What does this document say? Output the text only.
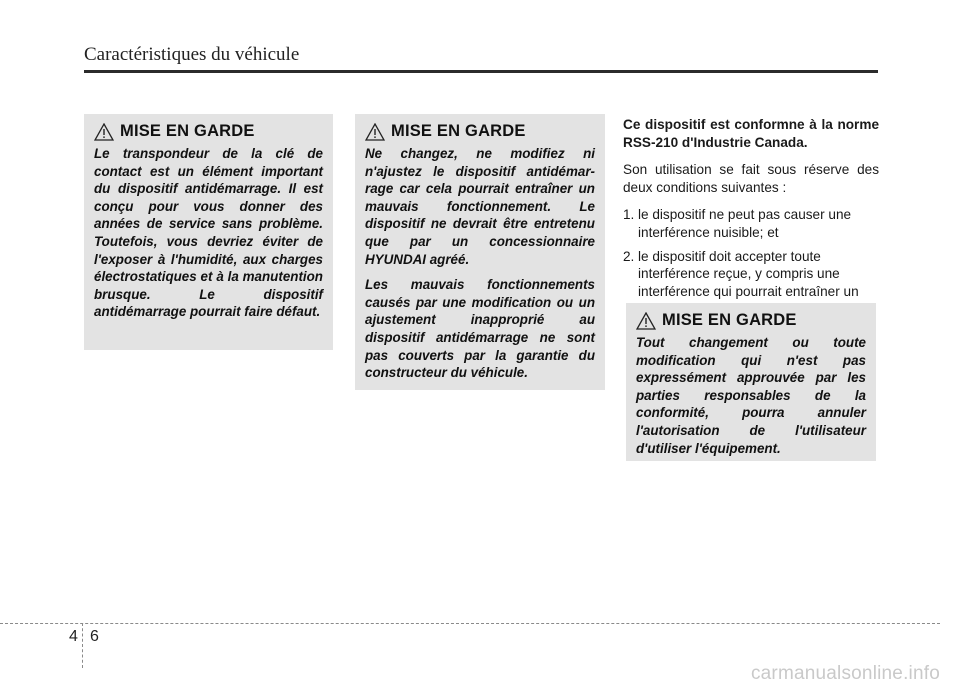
Caractéristiques du véhicule
MISE EN GARDE

Le transpondeur de la clé de contact est un élément important du dispositif antidémarrage. Il est conçu pour vous donner des années de service sans problème. Toutefois, vous devriez éviter de l'exposer à l'humidité, aux charges électrostatiques et à la manutention brusque. Le dispositif antidémarrage pourrait faire défaut.

MISE EN GARDE

Ne changez, ne modifiez ni n'ajustez le dispositif antidémar-rage car cela pourrait entraîner un mauvais fonctionnement. Le dispositif ne devrait être entretenu que par un concessionnaire HYUNDAI agréé.

Les mauvais fonctionnements causés par une modification ou un ajustement inapproprié au dispositif antidémarrage ne sont pas couverts par la garantie du constructeur du véhicule.

Ce dispositif est conformne à la norme RSS-210 d'Industrie Canada.

Son utilisation se fait sous réserve des deux conditions suivantes :

1. le dispositif ne peut pas causer une interférence nuisible; et
2. le dispositif doit accepter toute interférence reçue, y compris une interférence qui pourrait entraîner un
MISE EN GARDE

Tout changement ou toute modification qui n'est pas expressément approuvée par les parties responsables de la conformité, pourra annuler l'autorisation de l'utilisateur d'utiliser l'équipement.

4 6
carmanualsonline.info
